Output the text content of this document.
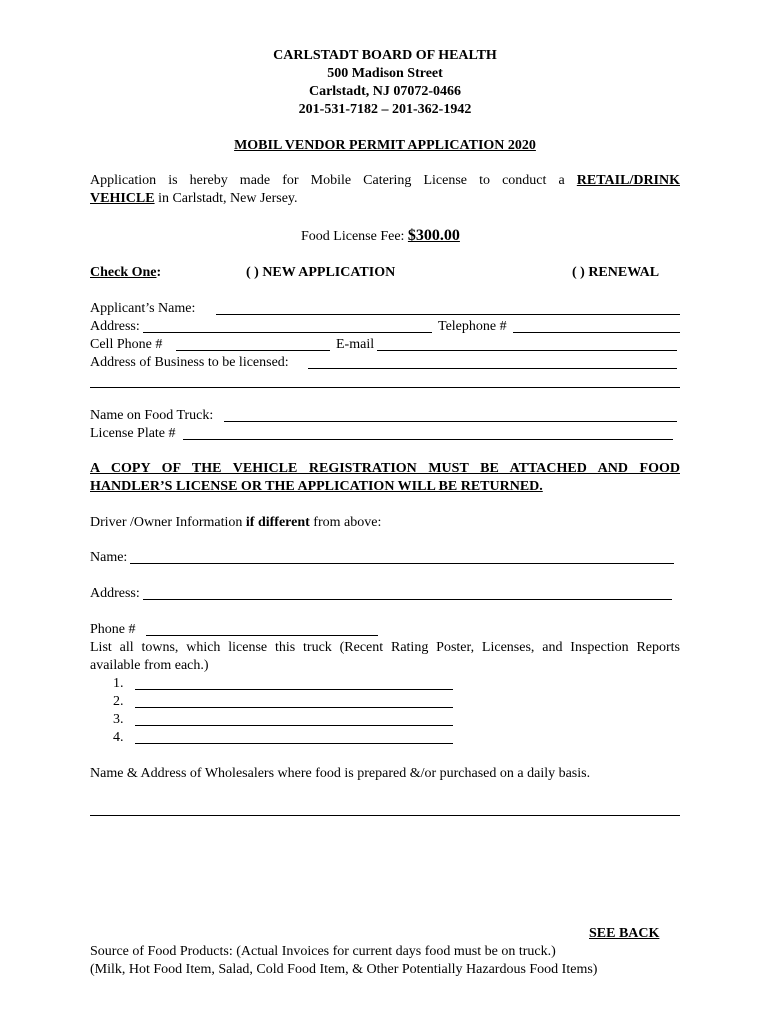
CARLSTADT BOARD OF HEALTH
500 Madison Street
Carlstadt, NJ 07072-0466
201-531-7182 – 201-362-1942
MOBIL VENDOR PERMIT APPLICATION 2020
Application is hereby made for Mobile Catering License to conduct a RETAIL/DRINK
VEHICLE in Carlstadt, New Jersey.
Food License Fee: $300.00
Check One:	( ) NEW APPLICATION	( ) RENEWAL
Applicant’s Name:
Address:	Telephone #
Cell Phone #	E-mail
Address of Business to be licensed:
Name on Food Truck:
License Plate #
A COPY OF THE VEHICLE REGISTRATION MUST BE ATTACHED AND FOOD
HANDLER’S LICENSE OR THE APPLICATION WILL BE RETURNED.
Driver /Owner Information if different from above:
Name:
Address:
Phone #
List all towns, which license this truck (Recent Rating Poster, Licenses, and Inspection Reports
available from each.)
1.
2.
3.
4.
Name & Address of Wholesalers where food is prepared &/or purchased on a daily basis.
SEE BACK
Source of Food Products: (Actual Invoices for current days food must be on truck.)
(Milk, Hot Food Item, Salad, Cold Food Item, & Other Potentially Hazardous Food Items)
